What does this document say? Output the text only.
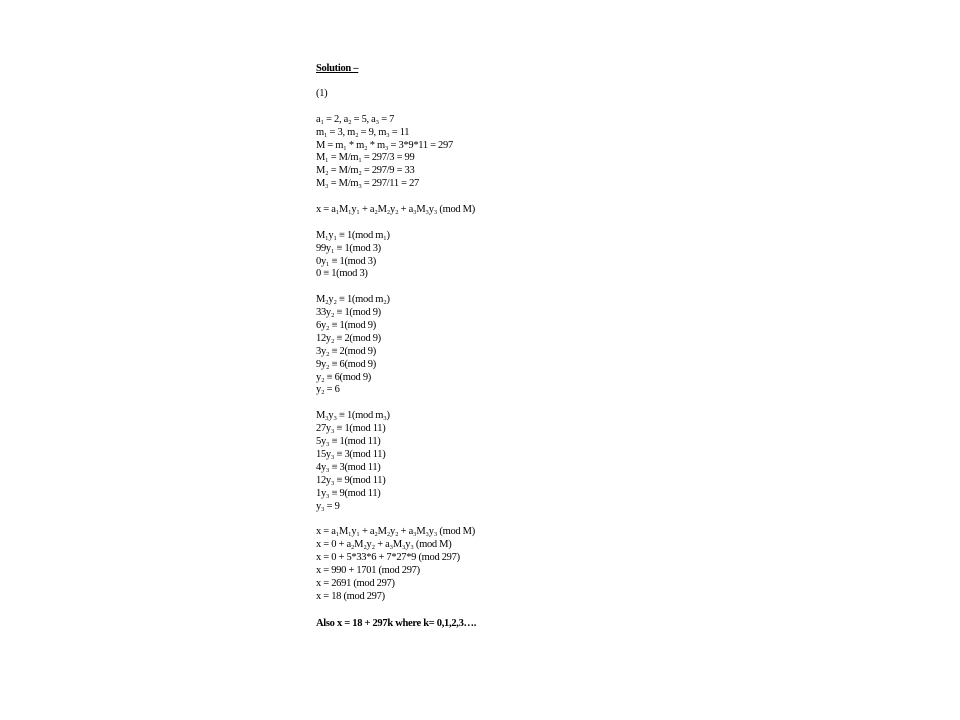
Solution –
(1)
a₁ = 2, a₂ = 5, a₃ = 7
m₁ = 3, m₂ = 9, m₃ = 11
M = m₁ * m₂ * m₃ = 3*9*11 = 297
M₁ = M/m₁ = 297/3 = 99
M₂ = M/m₂ = 297/9 = 33
M₃ = M/m₃ = 297/11 = 27
x = a₁M₁y₁ + a₂M₂y₂ + a₃M₃y₃ (mod M)
M₁y₁ ≡ 1(mod m₁)
99y₁ ≡ 1(mod 3)
0y₁ ≡ 1(mod 3)
0 ≡ 1(mod 3)
M₂y₂ ≡ 1(mod m₂)
33y₂ ≡ 1(mod 9)
6y₂ ≡ 1(mod 9)
12y₂ ≡ 2(mod 9)
3y₂ ≡ 2(mod 9)
9y₂ ≡ 6(mod 9)
y₂ ≡ 6(mod 9)
y₂ = 6
M₃y₃ ≡ 1(mod m₃)
27y₃ ≡ 1(mod 11)
5y₃ ≡ 1(mod 11)
15y₃ ≡ 3(mod 11)
4y₃ ≡ 3(mod 11)
12y₃ ≡ 9(mod 11)
1y₃ ≡ 9(mod 11)
y₃ = 9
x = a₁M₁y₁ + a₂M₂y₂ + a₃M₃y₃ (mod M)
x = 0 + a₂M₂y₂ + a₃M₃y₃ (mod M)
x = 0 + 5*33*6 + 7*27*9 (mod 297)
x = 990 + 1701 (mod 297)
x = 2691 (mod 297)
x = 18 (mod 297)
Also x = 18 + 297k where k= 0,1,2,3….
